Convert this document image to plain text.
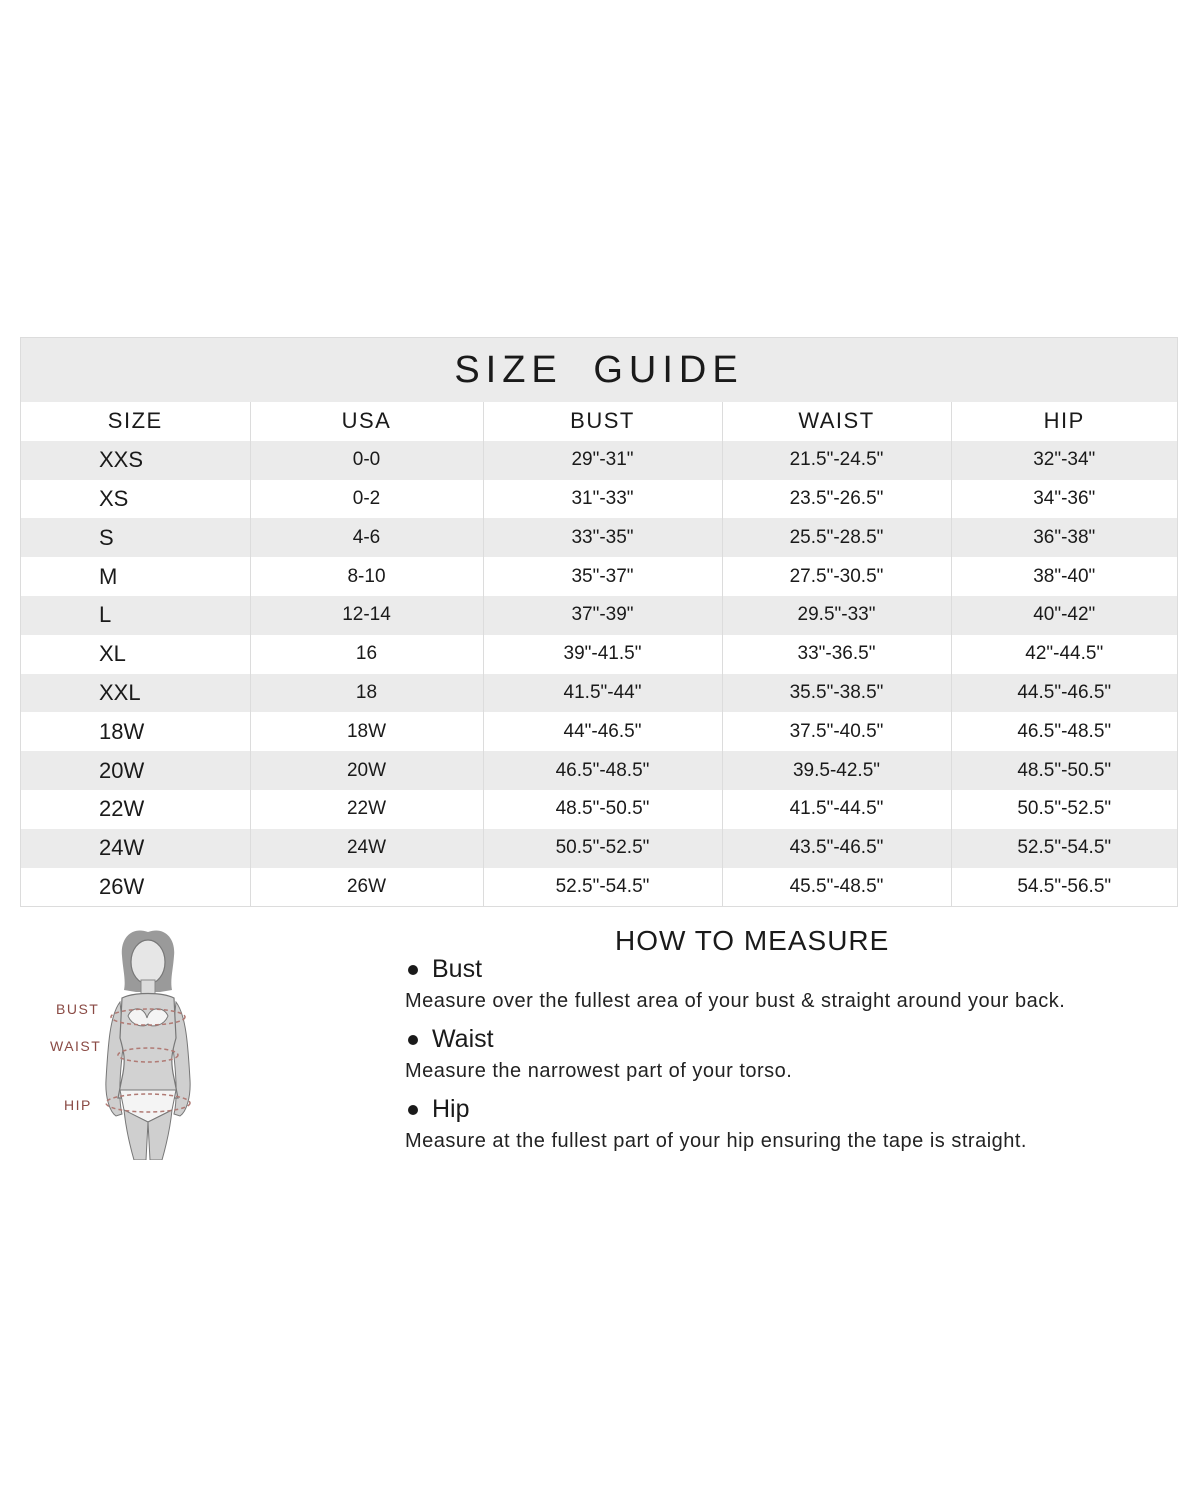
SIZE GUIDE
SIZE	USA	BUST	WAIST	HIP
XXS	0-0	29"-31"	21.5"-24.5"	32"-34"
XS	0-2	31"-33"	23.5"-26.5"	34"-36"
S	4-6	33"-35"	25.5"-28.5"	36"-38"
M	8-10	35"-37"	27.5"-30.5"	38"-40"
L	12-14	37"-39"	29.5"-33"	40"-42"
XL	16	39"-41.5"	33"-36.5"	42"-44.5"
XXL	18	41.5"-44"	35.5"-38.5"	44.5"-46.5"
18W	18W	44"-46.5"	37.5"-40.5"	46.5"-48.5"
20W	20W	46.5"-48.5"	39.5-42.5"	48.5"-50.5"
22W	22W	48.5"-50.5"	41.5"-44.5"	50.5"-52.5"
24W	24W	50.5"-52.5"	43.5"-46.5"	52.5"-54.5"
26W	26W	52.5"-54.5"	45.5"-48.5"	54.5"-56.5"
BUST
WAIST
HIP
HOW TO MEASURE
Bust
Measure over the fullest area of your bust & straight around your back.
Waist
Measure the narrowest part of your torso.
Hip
Measure at the fullest part of your hip ensuring the tape is straight.
